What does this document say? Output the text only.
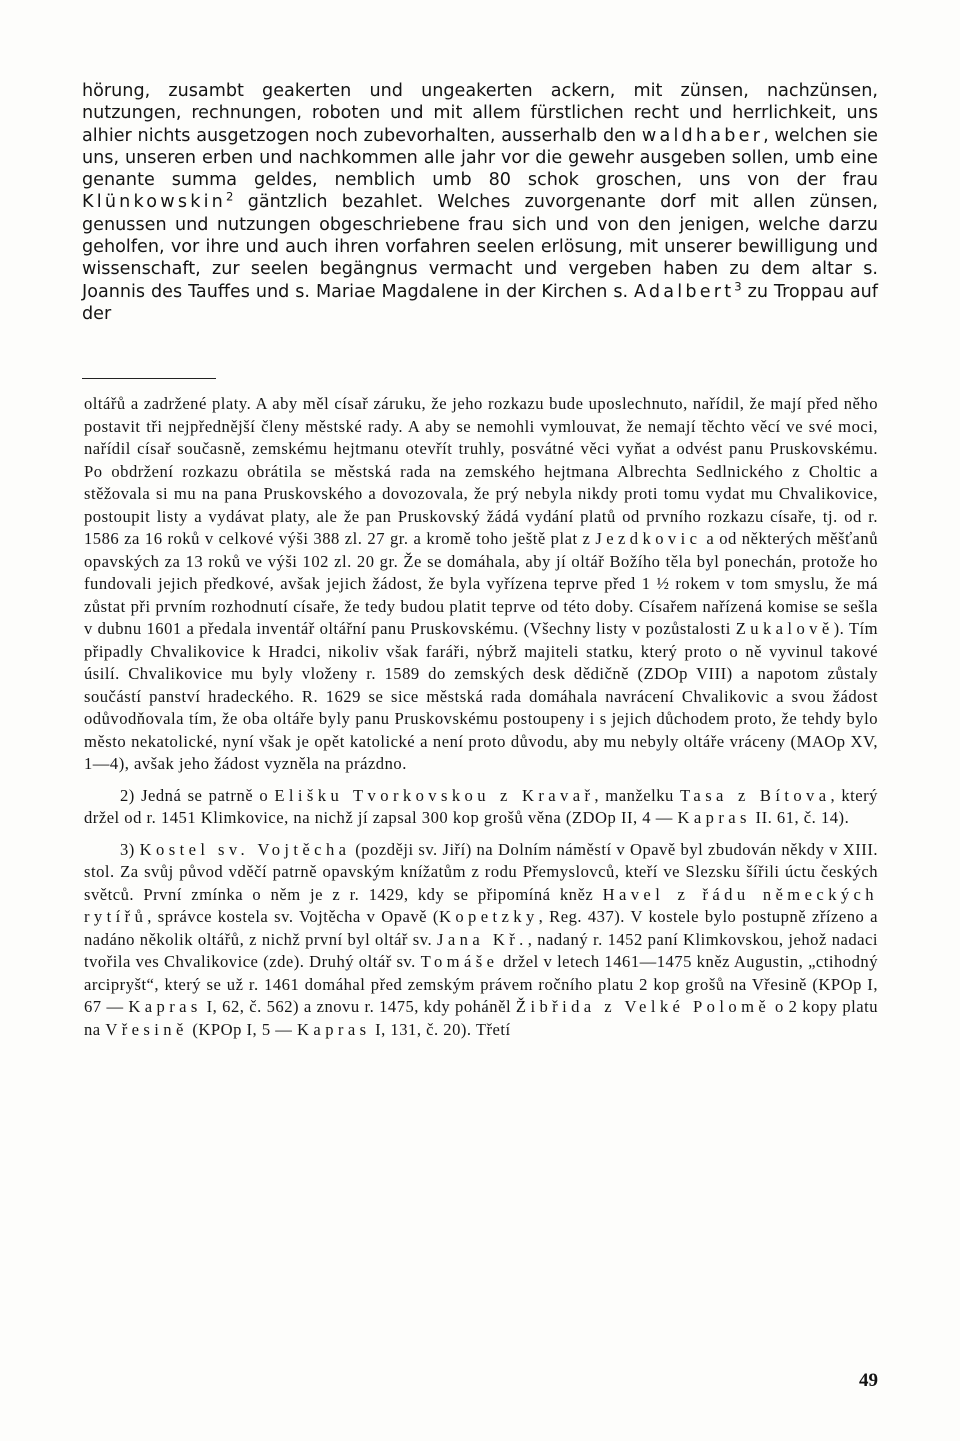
hörung, zusambt geakerten und ungeakerten ackern, mit zünsen, nachzünsen, nutzungen, rechnungen, roboten und mit allem fürstlichen recht und herrlichkeit, uns alhier nichts ausgetzogen noch zubevorhalten, ausserhalb den waldhaber, welchen sie uns, unseren erben und nachkommen alle jahr vor die gewehr ausgeben sollen, umb eine genante summa geldes, nemblich umb 80 schok groschen, uns von der frau Klünkowskin$^2$ gäntzlich bezahlet. Welches zuvorgenante dorf mit allen zünsen, genussen und nutzungen obgeschriebene frau sich und von den jenigen, welche darzu geholfen, vor ihre und auch ihren vorfahren seelen erlösung, mit unserer bewilligung und wissenschaft, zur seelen begängnus vermacht und vergeben haben zu dem altar s. Joannis des Tauffes und s. Mariae Magdalene in der Kirchen s. Adalbert$^3$ zu Troppau auf der

oltářů a zadržené platy. A aby měl císař záruku, že jeho rozkazu bude uposlechnuto, nařídil, že mají před něho postavit tři nejpřednější členy městské rady. A aby se nemohli vymlouvat, že nemají těchto věcí ve své moci, nařídil císař současně, zemskému hejtmanu otevřít truhly, posvátné věci vyňat a odvést panu Pruskovskému. Po obdržení rozkazu obrátila se městská rada na zemského hejtmana Albrechta Sedlnického z Choltic a stěžovala si mu na pana Pruskovského a dovozovala, že prý nebyla nikdy proti tomu vydat mu Chvalikovice, postoupit listy a vydávat platy, ale že pan Pruskovský žádá vydání platů od prvního rozkazu císaře, tj. od r. 1586 za 16 roků v celkové výši 388 zl. 27 gr. a kromě toho ještě plat z Jezdkovic a od některých měšťanů opavských za 13 roků ve výši 102 zl. 20 gr. Že se domáhala, aby jí oltář Božího těla byl ponechán, protože ho fundovali jejich předkové, avšak jejich žádost, že byla vyřízena teprve před 1 ½ rokem v tom smyslu, že má zůstat při prvním rozhodnutí císaře, že tedy budou platit teprve od této doby. Císařem nařízená komise se sešla v dubnu 1601 a předala inventář oltářní panu Pruskovskému. (Všechny listy v pozůstalosti Zukalově). Tím připadly Chvalikovice k Hradci, nikoliv však faráři, nýbrž majiteli statku, který proto o ně vyvinul takové úsilí. Chvalikovice mu byly vloženy r. 1589 do zemských desk dědičně (ZDOp VIII) a napotom zůstaly součástí panství hradeckého. R. 1629 se sice městská rada domáhala navrácení Chvalikovic a svou žádost odůvodňovala tím, že oba oltáře byly panu Pruskovskému postoupeny i s jejich důchodem proto, že tehdy bylo město nekatolické, nyní však je opět katolické a není proto důvodu, aby mu nebyly oltáře vráceny (MAOp XV, 1—4), avšak jeho žádost vyzněla na prázdno.

2) Jedná se patrně o Elišku Tvorkovskou z Kravař, manželku Tasa z Bítova, který držel od r. 1451 Klimkovice, na nichž jí zapsal 300 kop grošů věna (ZDOp II, 4 — Kapras II. 61, č. 14).

3) Kostel sv. Vojtěcha (později sv. Jiří) na Dolním náměstí v Opavě byl zbudován někdy v XIII. stol. Za svůj původ vděčí patrně opavským knížatům z rodu Přemyslovců, kteří ve Slezsku šířili úctu českých světců. První zmínka o něm je z r. 1429, kdy se připomíná kněz Havel z řádu německých rytířů, správce kostela sv. Vojtěcha v Opavě (Kopetzky, Reg. 437). V kostele bylo postupně zřízeno a nadáno několik oltářů, z nichž první byl oltář sv. Jana Kř., nadaný r. 1452 paní Klimkovskou, jehož nadaci tvořila ves Chvalikovice (zde). Druhý oltář sv. Tomáše držel v letech 1461—1475 kněz Augustin, „ctihodný arcipryšt“, který se už r. 1461 domáhal před zemským právem ročního platu 2 kop grošů na Vřesině (KPOp I, 67 — Kapras I, 62, č. 562) a znovu r. 1475, kdy poháněl Žibřida z Velké Polomě o 2 kopy platu na Vřesině (KPOp I, 5 — Kapras I, 131, č. 20). Třetí

49
